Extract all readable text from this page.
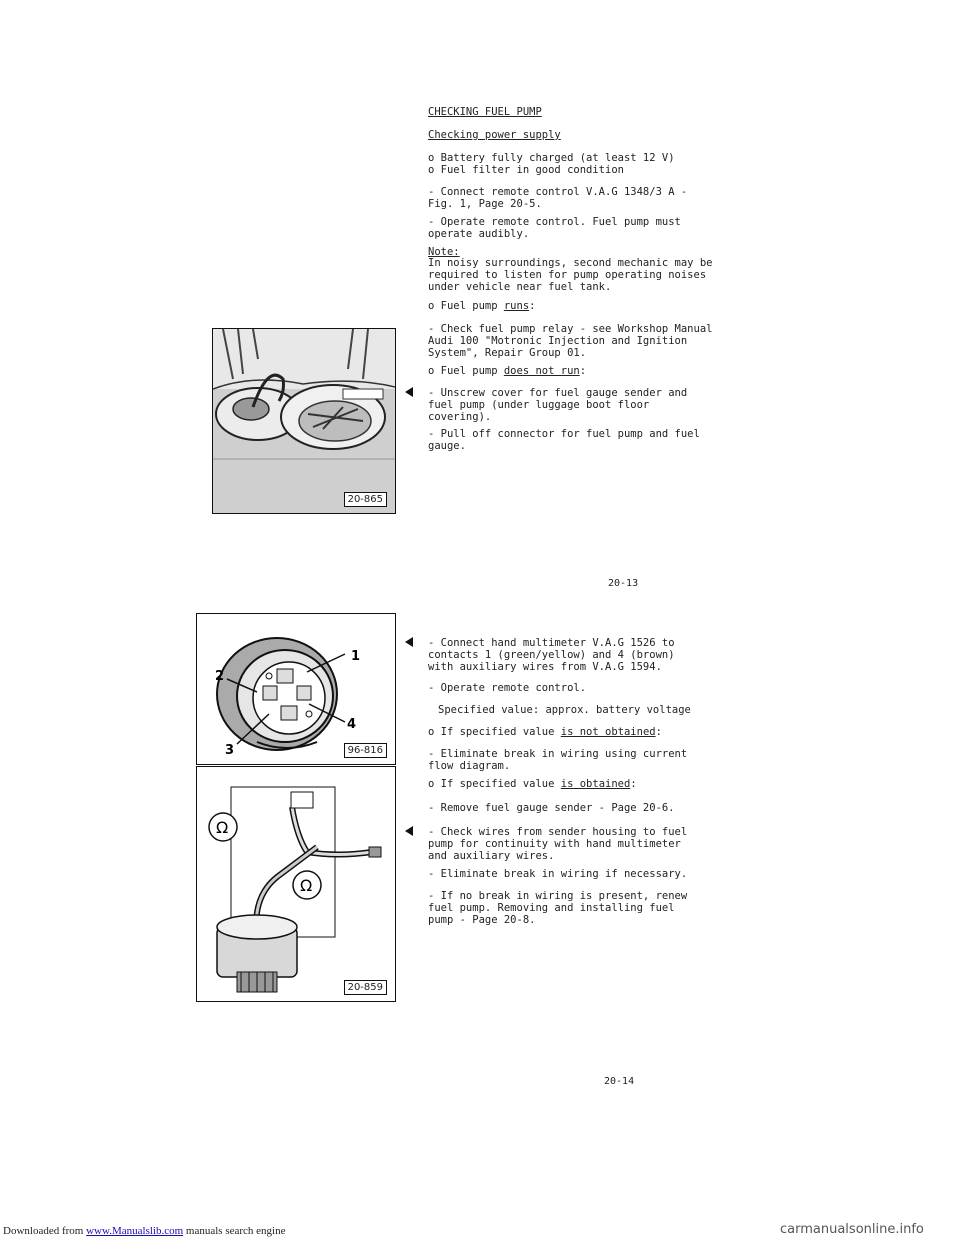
CHECKING FUEL PUMP
Checking power supply
o Battery fully charged (at least 12 V)
o Fuel filter in good condition
- Connect remote control V.A.G 1348/3 A -
Fig. 1, Page 20-5.
- Operate remote control. Fuel pump must
operate audibly.
Note:
In noisy surroundings, second mechanic may be
required to listen for pump operating noises
under vehicle near fuel tank.
o Fuel pump runs:
- Check fuel pump relay - see Workshop Manual
Audi 100 "Motronic Injection and Ignition
System", Repair Group 01.
o Fuel pump does not run:
- Unscrew cover for fuel gauge sender and
fuel pump (under luggage boot floor
covering).
- Pull off connector for fuel pump and fuel
gauge.
20-865
20-13
- Connect hand multimeter V.A.G 1526 to
contacts 1 (green/yellow) and 4 (brown)
with auxiliary wires from V.A.G 1594.
- Operate remote control.
Specified value: approx. battery voltage
o If specified value is not obtained:
- Eliminate break in wiring using current
flow diagram.
o If specified value is obtained:
- Remove fuel gauge sender - Page 20-6.
- Check wires from sender housing to fuel
pump for continuity with hand multimeter
and auxiliary wires.
- Eliminate break in wiring if necessary.
- If no break in wiring is present, renew
fuel pump. Removing and installing fuel
pump - Page 20-8.
1
2
3
4
96-816
Ω
Ω
20-859
20-14
Downloaded from www.Manualslib.com manuals search engine	carmanualsonline.info
